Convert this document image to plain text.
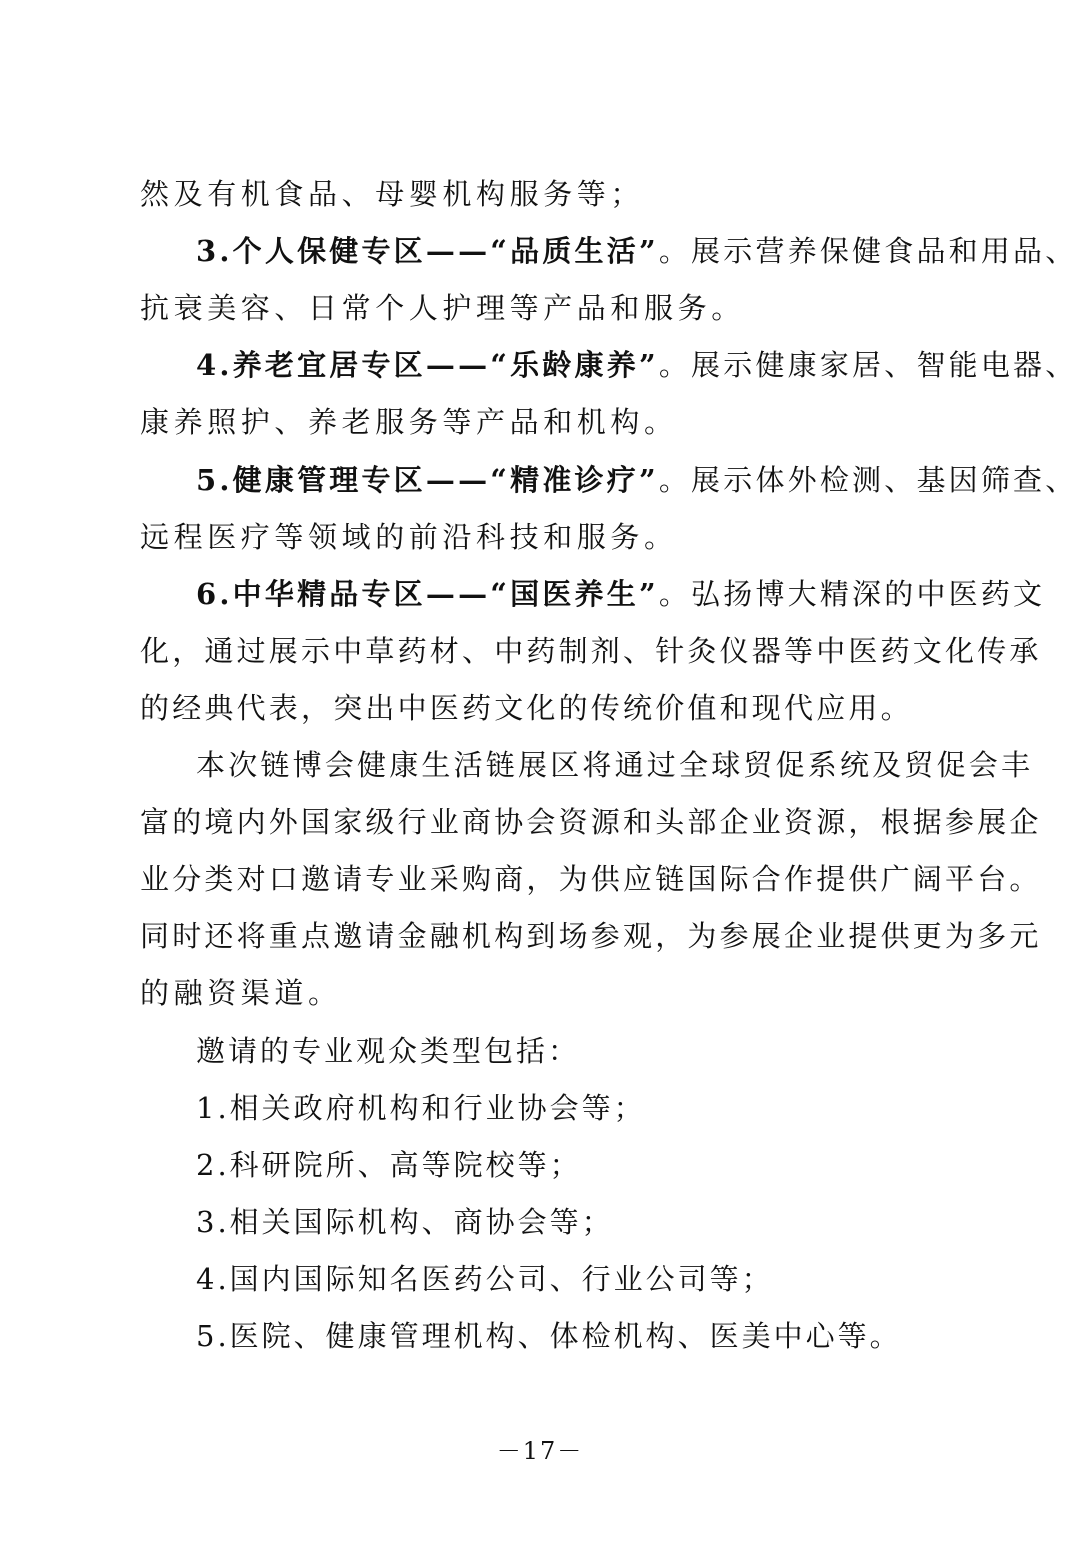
然及有机食品、母婴机构服务等；
3.个人保健专区——“品质生活”。展示营养保健食品和用品、
抗衰美容、日常个人护理等产品和服务。
4.养老宜居专区——“乐龄康养”。展示健康家居、智能电器、
康养照护、养老服务等产品和机构。
5.健康管理专区——“精准诊疗”。展示体外检测、基因筛查、
远程医疗等领域的前沿科技和服务。
6.中华精品专区——“国医养生”。弘扬博大精深的中医药文
化，通过展示中草药材、中药制剂、针灸仪器等中医药文化传承
的经典代表，突出中医药文化的传统价值和现代应用。
本次链博会健康生活链展区将通过全球贸促系统及贸促会丰
富的境内外国家级行业商协会资源和头部企业资源，根据参展企
业分类对口邀请专业采购商，为供应链国际合作提供广阔平台。
同时还将重点邀请金融机构到场参观，为参展企业提供更为多元
的融资渠道。
邀请的专业观众类型包括：
1.相关政府机构和行业协会等；
2.科研院所、高等院校等；
3.相关国际机构、商协会等；
4.国内国际知名医药公司、行业公司等；
5.医院、健康管理机构、体检机构、医美中心等。
－17－
